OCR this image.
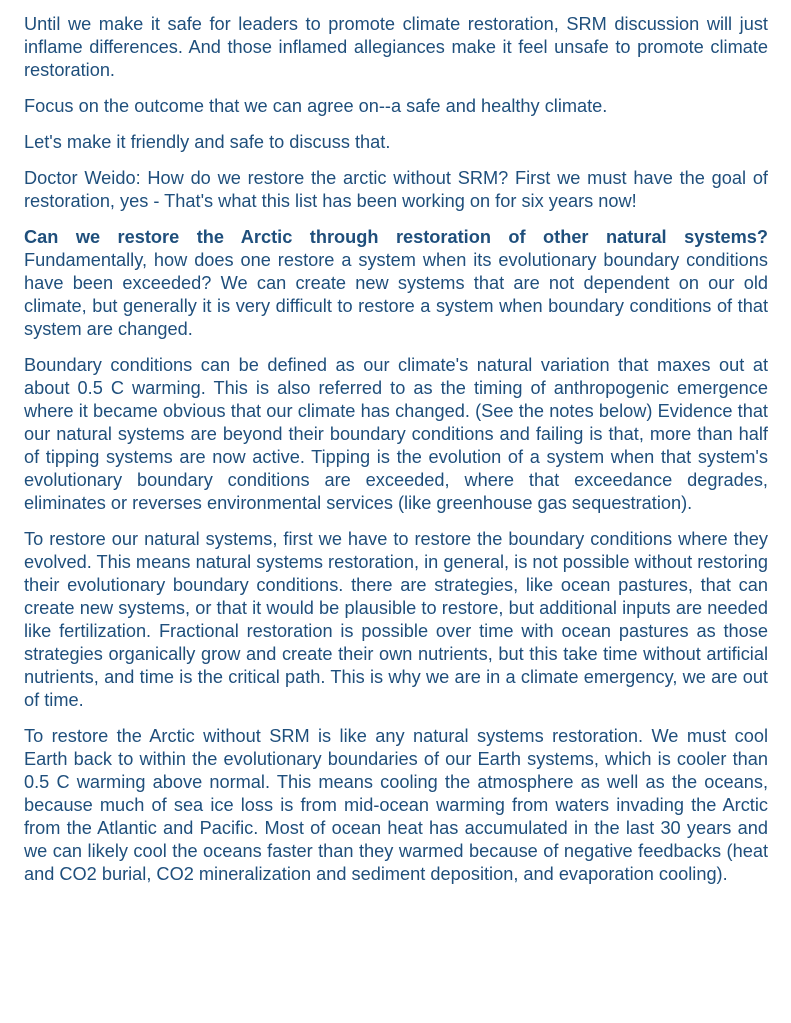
Until we make it safe for leaders to promote climate restoration, SRM discussion will just inflame differences. And those inflamed allegiances make it feel unsafe to promote climate restoration.

Focus on the outcome that we can agree on--a safe and healthy climate.

Let's make it friendly and safe to discuss that.

Doctor Weido: How do we restore the arctic without SRM? First we must have the goal of restoration, yes - That's what this list has been working on for six years now!

Can we restore the Arctic through restoration of other natural systems? Fundamentally, how does one restore a system when its evolutionary boundary conditions have been exceeded? We can create new systems that are not dependent on our old climate, but generally it is very difficult to restore a system when boundary conditions of that system are changed.

Boundary conditions can be defined as our climate's natural variation that maxes out at about 0.5 C warming. This is also referred to as the timing of anthropogenic emergence where it became obvious that our climate has changed. (See the notes below) Evidence that our natural systems are beyond their boundary conditions and failing is that, more than half of tipping systems are now active. Tipping is the evolution of a system when that system's evolutionary boundary conditions are exceeded, where that exceedance degrades, eliminates or reverses environmental services (like greenhouse gas sequestration).

To restore our natural systems, first we have to restore the boundary conditions where they evolved. This means natural systems restoration, in general, is not possible without restoring their evolutionary boundary conditions. there are strategies, like ocean pastures, that can create new systems, or that it would be plausible to restore, but additional inputs are needed like fertilization. Fractional restoration is possible over time with ocean pastures as those strategies organically grow and create their own nutrients, but this take time without artificial nutrients, and time is the critical path. This is why we are in a climate emergency, we are out of time.

To restore the Arctic without SRM is like any natural systems restoration. We must cool Earth back to within the evolutionary boundaries of our Earth systems, which is cooler than 0.5 C warming above normal. This means cooling the atmosphere as well as the oceans, because much of sea ice loss is from mid-ocean warming from waters invading the Arctic from the Atlantic and Pacific. Most of ocean heat has accumulated in the last 30 years and we can likely cool the oceans faster than they warmed because of negative feedbacks (heat and CO2 burial, CO2 mineralization and sediment deposition, and evaporation cooling).
